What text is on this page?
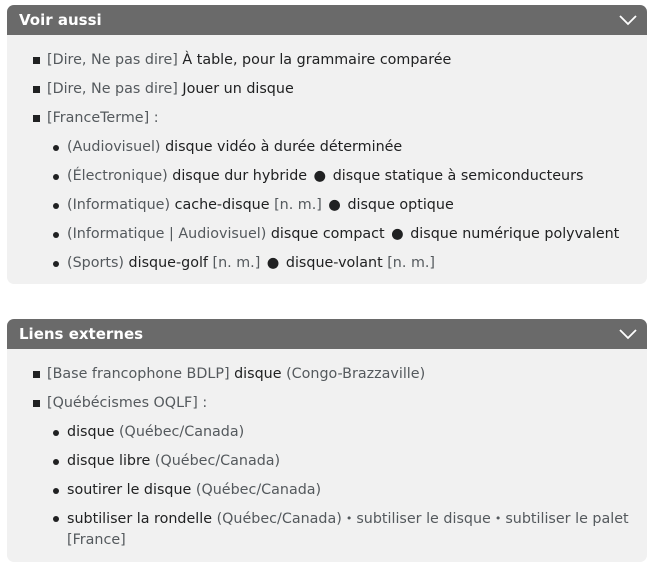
Voir aussi
[Dire, Ne pas dire] À table, pour la grammaire comparée
[Dire, Ne pas dire] Jouer un disque
[FranceTerme] :
(Audiovisuel) disque vidéo à durée déterminée
(Électronique) disque dur hybride ● disque statique à semiconducteurs
(Informatique) cache-disque [n. m.] ● disque optique
(Informatique | Audiovisuel) disque compact ● disque numérique polyvalent
(Sports) disque-golf [n. m.] ● disque-volant [n. m.]
Liens externes
[Base francophone BDLP] disque (Congo-Brazzaville)
[Québécismes OQLF] :
disque (Québec/Canada)
disque libre (Québec/Canada)
soutirer le disque (Québec/Canada)
subtiliser la rondelle (Québec/Canada) • subtiliser le disque • subtiliser le palet
[France]
